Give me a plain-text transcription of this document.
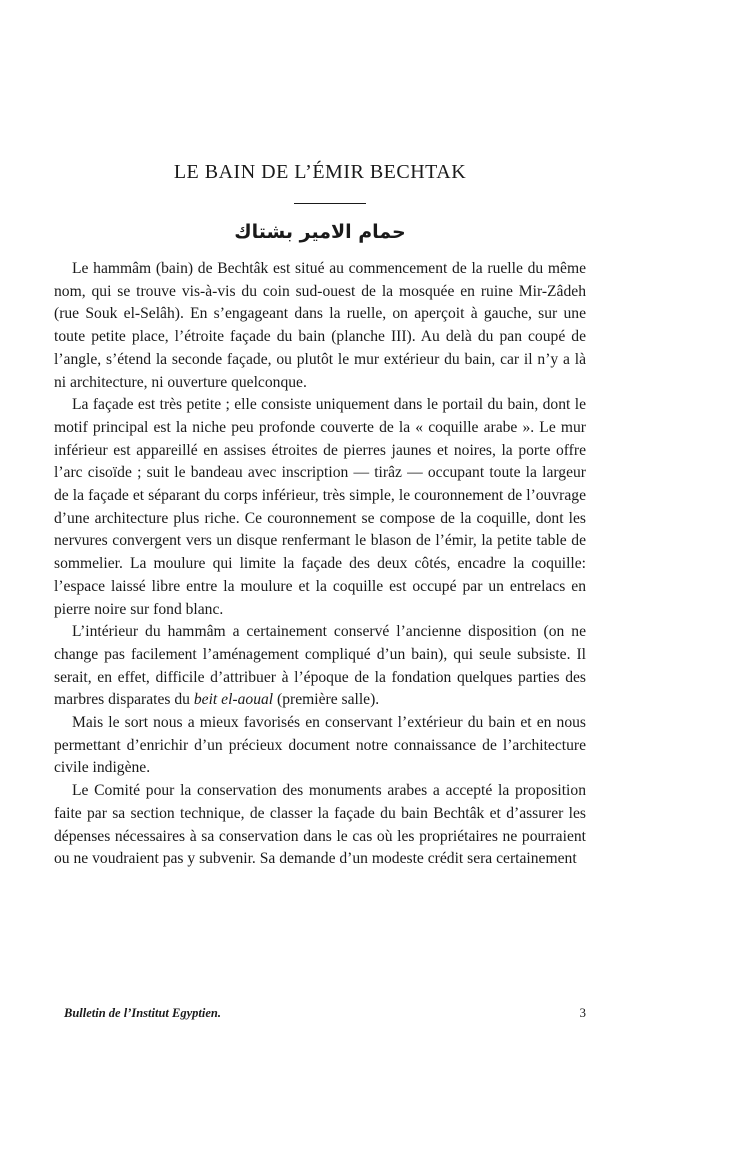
LE BAIN DE L’ÉMIR BECHTAK
حمام الامير بشتاك

Le hammâm (bain) de Bechtâk est situé au commencement de la ruelle du même nom, qui se trouve vis-à-vis du coin sud-ouest de la mosquée en ruine Mir-Zâdeh (rue Souk el-Selâh). En s’engageant dans la ruelle, on aperçoit à gauche, sur une toute petite place, l’étroite façade du bain (planche III). Au delà du pan coupé de l’angle, s’étend la seconde façade, ou plutôt le mur extérieur du bain, car il n’y a là ni architecture, ni ouverture quelconque.

La façade est très petite ; elle consiste uniquement dans le portail du bain, dont le motif principal est la niche peu profonde couverte de la « coquille arabe ». Le mur inférieur est appareillé en assises étroites de pierres jaunes et noires, la porte offre l’arc cisoïde ; suit le bandeau avec inscription — tirâz — occupant toute la largeur de la façade et séparant du corps inférieur, très simple, le couronnement de l’ouvrage d’une architecture plus riche. Ce couronnement se compose de la coquille, dont les nervures convergent vers un disque renfermant le blason de l’émir, la petite table de sommelier. La moulure qui limite la façade des deux côtés, encadre la coquille: l’espace laissé libre entre la moulure et la coquille est occupé par un entrelacs en pierre noire sur fond blanc.

L’intérieur du hammâm a certainement conservé l’ancienne disposition (on ne change pas facilement l’aménagement compliqué d’un bain), qui seule subsiste. Il serait, en effet, difficile d’attribuer à l’époque de la fondation quelques parties des marbres disparates du beit el-aoual (première salle).

Mais le sort nous a mieux favorisés en conservant l’extérieur du bain et en nous permettant d’enrichir d’un précieux document notre connaissance de l’architecture civile indigène.

Le Comité pour la conservation des monuments arabes a accepté la proposition faite par sa section technique, de classer la façade du bain Bechtâk et d’assurer les dépenses nécessaires à sa conservation dans le cas où les propriétaires ne pourraient ou ne voudraient pas y subvenir. Sa demande d’un modeste crédit sera certainement

Bulletin de l’Institut Egyptien.	3
